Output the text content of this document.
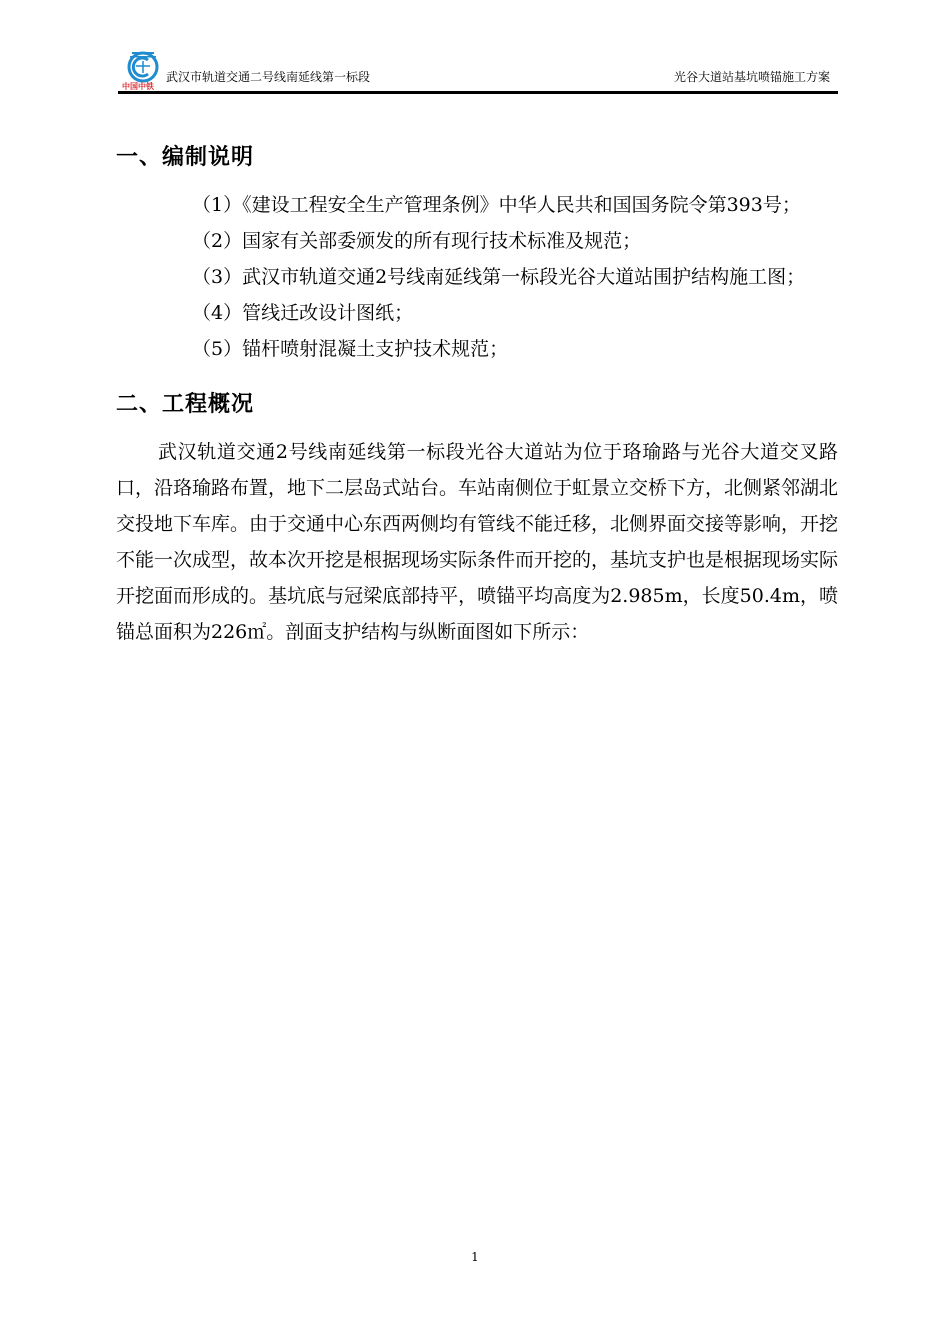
中国中铁
武汉市轨道交通二号线南延线第一标段	光谷大道站基坑喷锚施工方案
一、编制说明

（1）《建设工程安全生产管理条例》中华人民共和国国务院令第393号；

（2）国家有关部委颁发的所有现行技术标准及规范；

（3）武汉市轨道交通2号线南延线第一标段光谷大道站围护结构施工图；

（4）管线迁改设计图纸；

（5）锚杆喷射混凝土支护技术规范；

二、工程概况

武汉轨道交通2号线南延线第一标段光谷大道站为位于珞瑜路与光谷大道交叉路口，沿珞瑜路布置，地下二层岛式站台。车站南侧位于虹景立交桥下方，北侧紧邻湖北交投地下车库。由于交通中心东西两侧均有管线不能迁移，北侧界面交接等影响，开挖不能一次成型，故本次开挖是根据现场实际条件而开挖的，基坑支护也是根据现场实际开挖面而形成的。基坑底与冠梁底部持平，喷锚平均高度为2.985m，长度50.4m，喷锚总面积为226㎡。剖面支护结构与纵断面图如下所示：

1
